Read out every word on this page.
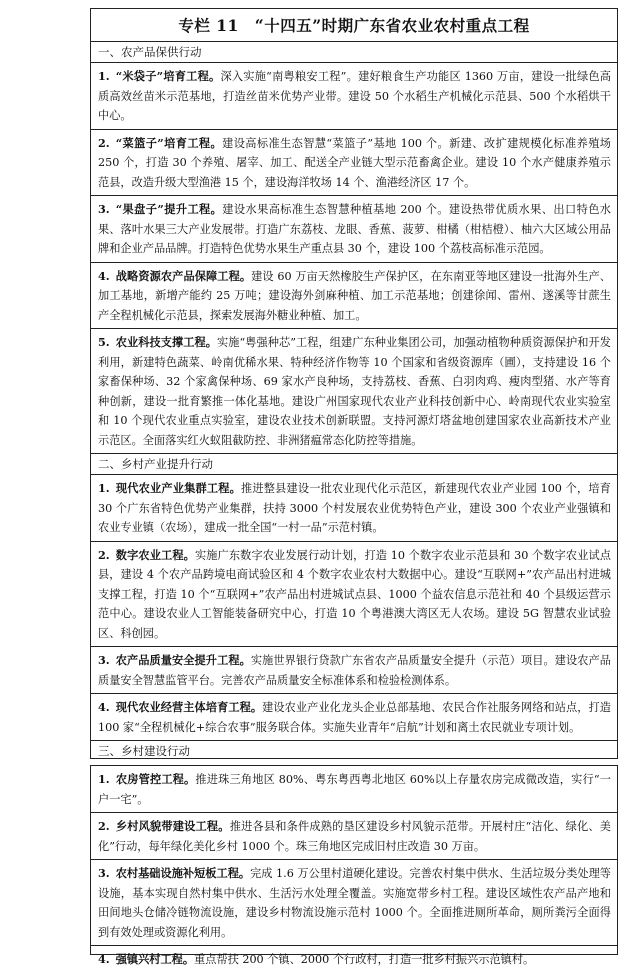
专栏 11　“十四五”时期广东省农业农村重点工程
一、农产品保供行动
1. “米袋子”培育工程。深入实施“南粤粮安工程”。建好粮食生产功能区 1360 万亩，建设一批绿色高质高效丝苗米示范基地，打造丝苗米优势产业带。建设 50 个水稻生产机械化示范县、500 个水稻烘干中心。
2. “菜篮子”培育工程。建设高标准生态智慧“菜篮子”基地 100 个。新建、改扩建规模化标准养殖场 250 个，打造 30 个养殖、屠宰、加工、配送全产业链大型示范畜禽企业。建设 10 个水产健康养殖示范县，改造升级大型渔港 15 个，建设海洋牧场 14 个、渔港经济区 17 个。
3. “果盘子”提升工程。建设水果高标准生态智慧种植基地 200 个。建设热带优质水果、出口特色水果、落叶水果三大产业发展带。打造广东荔枝、龙眼、香蕉、菠萝、柑橘（柑桔橙）、柚六大区域公用品牌和企业产品品牌。打造特色优势水果生产重点县 30 个，建设 100 个荔枝高标准示范园。
4. 战略资源农产品保障工程。建设 60 万亩天然橡胶生产保护区，在东南亚等地区建设一批海外生产、加工基地，新增产能约 25 万吨；建设海外剑麻种植、加工示范基地；创建徐闻、雷州、遂溪等甘蔗生产全程机械化示范县，探索发展海外糖业种植、加工。
5. 农业科技支撑工程。实施“粤强种芯”工程，组建广东种业集团公司，加强动植物种质资源保护和开发利用，新建特色蔬菜、岭南优稀水果、特种经济作物等 10 个国家和省级资源库（圃），支持建设 16 个家畜保种场、32 个家禽保种场、69 家水产良种场，支持荔枝、香蕉、白羽肉鸡、瘦肉型猪、水产等育种创新，建设一批育繁推一体化基地。建设广州国家现代农业产业科技创新中心、岭南现代农业实验室和 10 个现代农业重点实验室，建设农业技术创新联盟。支持河源灯塔盆地创建国家农业高新技术产业示范区。全面落实红火蚁阻截防控、非洲猪瘟常态化防控等措施。
二、乡村产业提升行动
1. 现代农业产业集群工程。推进整县建设一批农业现代化示范区，新建现代农业产业园 100 个，培育 30 个广东省特色优势产业集群，扶持 3000 个村发展农业优势特色产业，建设 300 个农业产业强镇和农业专业镇（农场），建成一批全国“一村一品”示范村镇。
2. 数字农业工程。实施广东数字农业发展行动计划，打造 10 个数字农业示范县和 30 个数字农业试点县，建设 4 个农产品跨境电商试验区和 4 个数字农业农村大数据中心。建设“互联网+”农产品出村进城支撑工程，打造 10 个“互联网+”农产品出村进城试点县、1000 个益农信息示范社和 40 个县级运营示范中心。建设农业人工智能装备研究中心，打造 10 个粤港澳大湾区无人农场。建设 5G 智慧农业试验区、科创园。
3. 农产品质量安全提升工程。实施世界银行贷款广东省农产品质量安全提升（示范）项目。建设农产品质量安全智慧监管平台。完善农产品质量安全标准体系和检验检测体系。
4. 现代农业经营主体培育工程。建设农业产业化龙头企业总部基地、农民合作社服务网络和站点，打造 100 家“全程机械化+综合农事”服务联合体。实施失业青年“启航”计划和离土农民就业专项计划。
三、乡村建设行动
1. 农房管控工程。推进珠三角地区 80%、粤东粤西粤北地区 60%以上存量农房完成微改造，实行“一户一宅”。
2. 乡村风貌带建设工程。推进各县和条件成熟的垦区建设乡村风貌示范带。开展村庄“洁化、绿化、美化”行动，每年绿化美化乡村 1000 个。珠三角地区完成旧村庄改造 30 万亩。
3. 农村基础设施补短板工程。完成 1.6 万公里村道硬化建设。完善农村集中供水、生活垃圾分类处理等设施，基本实现自然村集中供水、生活污水处理全覆盖。实施宽带乡村工程。建设区域性农产品产地和田间地头仓储冷链物流设施，建设乡村物流设施示范村 1000 个。全面推进厕所革命，厕所粪污全面得到有效处理或资源化利用。
4. 强镇兴村工程。重点帮扶 200 个镇、2000 个行政村，打造一批乡村振兴示范镇村。
